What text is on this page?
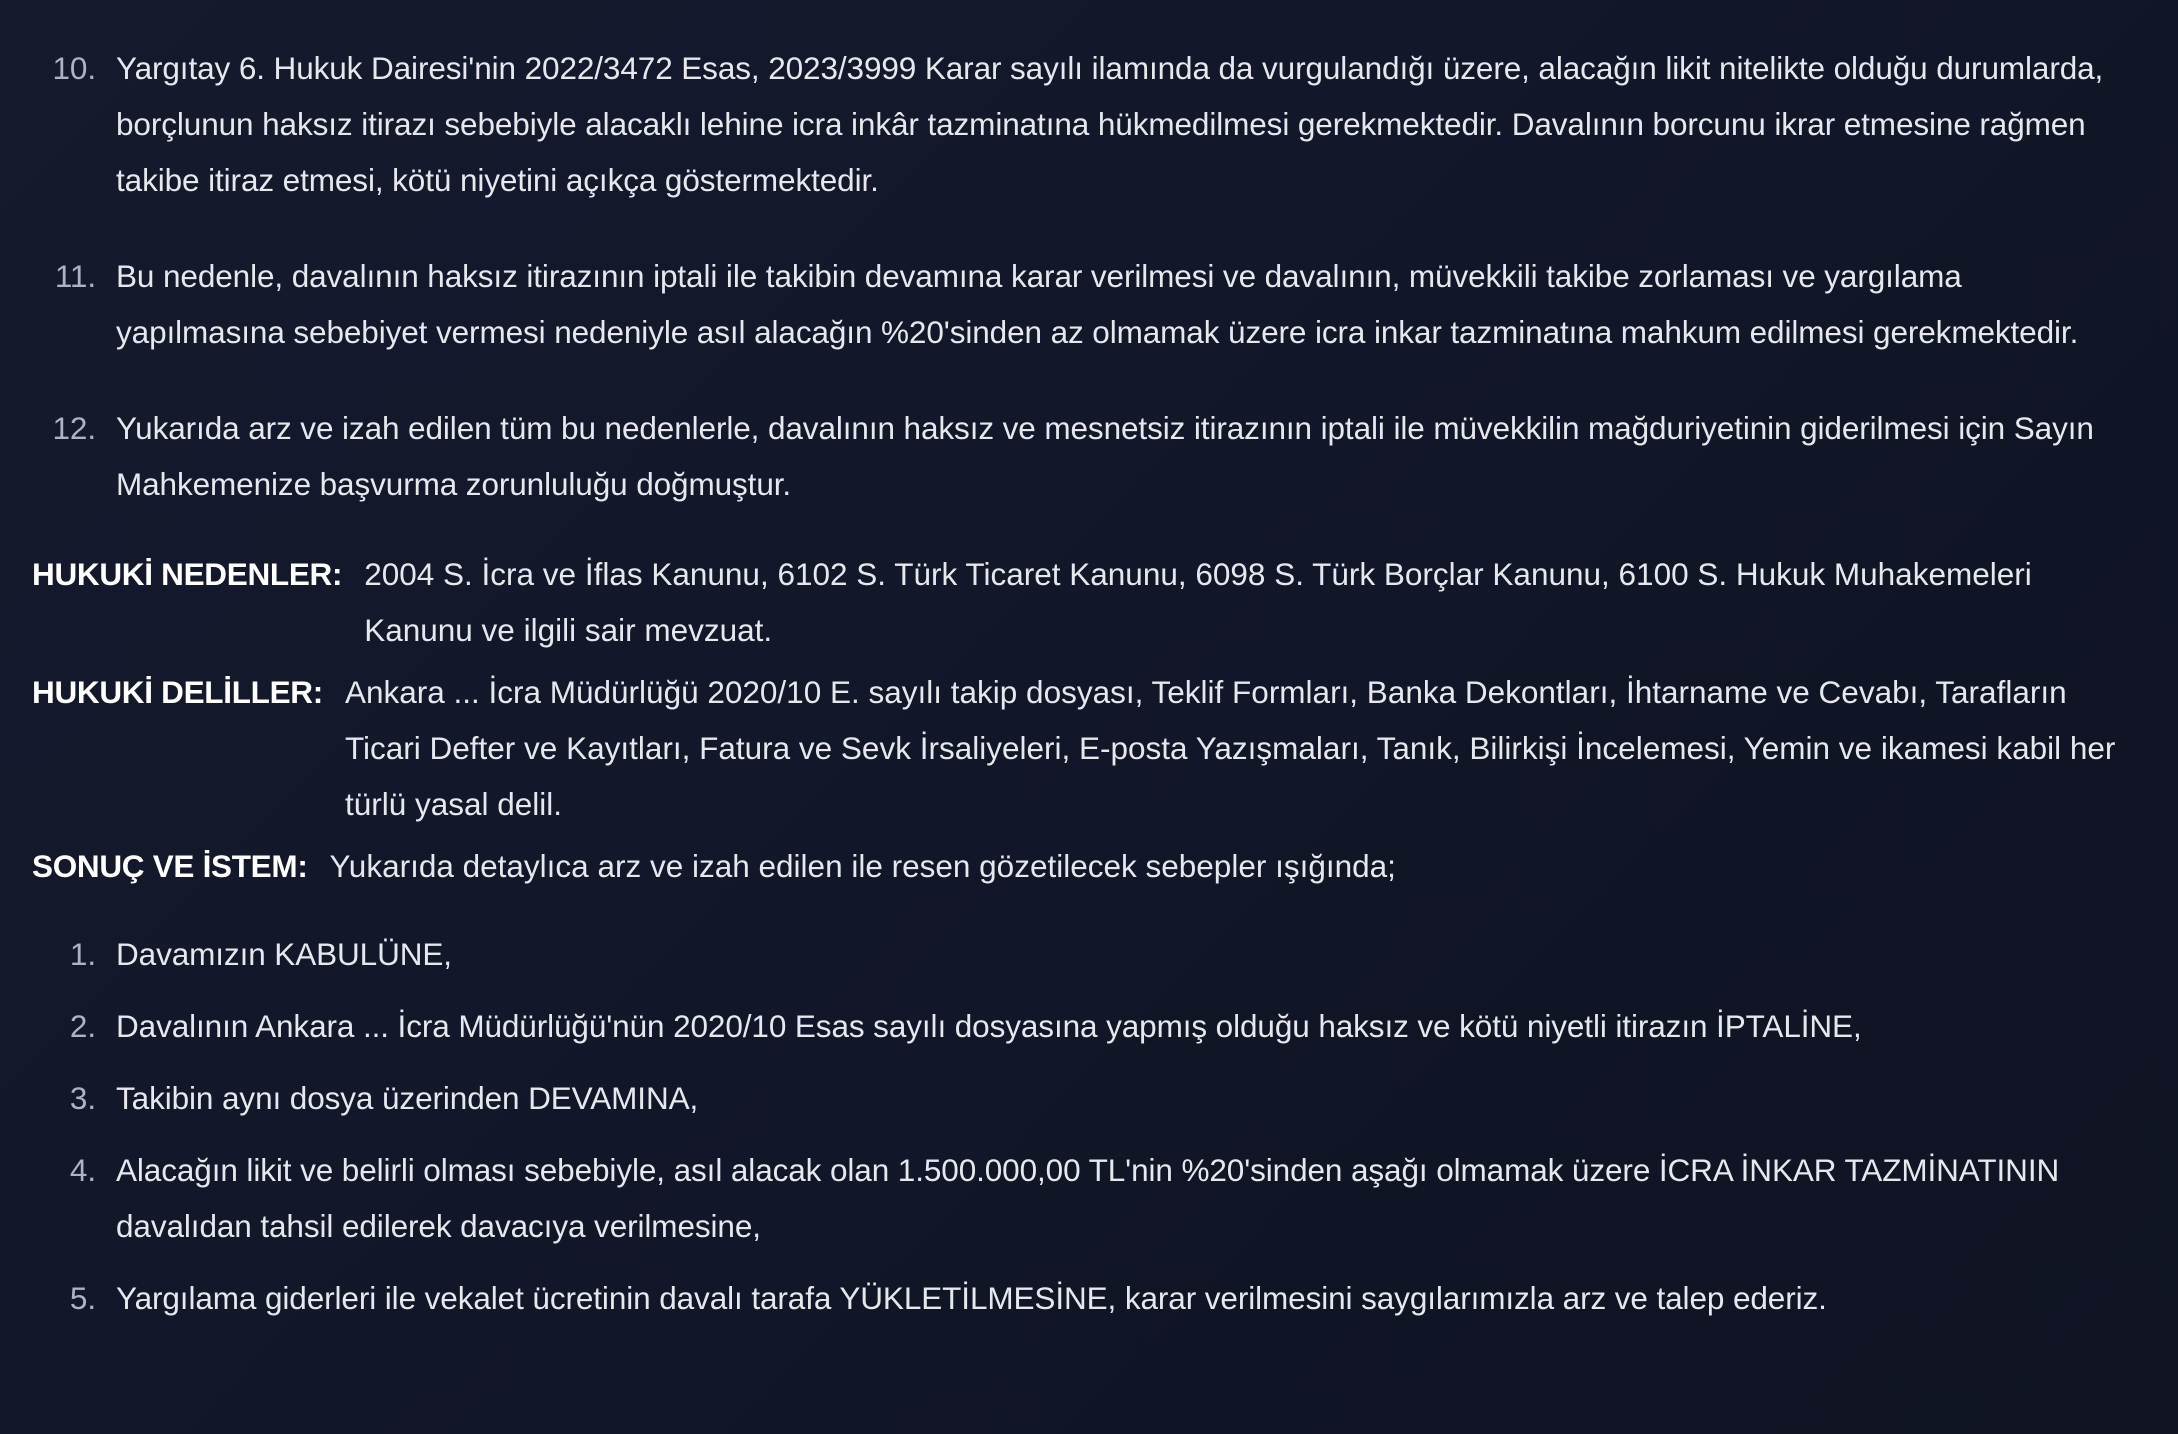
10. Yargıtay 6. Hukuk Dairesi'nin 2022/3472 Esas, 2023/3999 Karar sayılı ilamında da vurgulandığı üzere, alacağın likit nitelikte olduğu durumlarda, borçlunun haksız itirazı sebebiyle alacaklı lehine icra inkâr tazminatına hükmedilmesi gerekmektedir. Davalının borcunu ikrar etmesine rağmen takibe itiraz etmesi, kötü niyetini açıkça göstermektedir.
11. Bu nedenle, davalının haksız itirazının iptali ile takibin devamına karar verilmesi ve davalının, müvekkili takibe zorlaması ve yargılama yapılmasına sebebiyet vermesi nedeniyle asıl alacağın %20'sinden az olmamak üzere icra inkar tazminatına mahkum edilmesi gerekmektedir.
12. Yukarıda arz ve izah edilen tüm bu nedenlerle, davalının haksız ve mesnetsiz itirazının iptali ile müvekkilin mağduriyetinin giderilmesi için Sayın Mahkemenize başvurma zorunluluğu doğmuştur.
HUKUKİ NEDENLER: 2004 S. İcra ve İflas Kanunu, 6102 S. Türk Ticaret Kanunu, 6098 S. Türk Borçlar Kanunu, 6100 S. Hukuk Muhakemeleri Kanunu ve ilgili sair mevzuat.
HUKUKİ DELİLLER: Ankara ... İcra Müdürlüğü 2020/10 E. sayılı takip dosyası, Teklif Formları, Banka Dekontları, İhtarname ve Cevabı, Tarafların Ticari Defter ve Kayıtları, Fatura ve Sevk İrsaliyeleri, E-posta Yazışmaları, Tanık, Bilirkişi İncelemesi, Yemin ve ikamesi kabil her türlü yasal delil.
SONUÇ VE İSTEM: Yukarıda detaylıca arz ve izah edilen ile resen gözetilecek sebepler ışığında;
1. Davamızın KABULÜNE,
2. Davalının Ankara ... İcra Müdürlüğü'nün 2020/10 Esas sayılı dosyasına yapmış olduğu haksız ve kötü niyetli itirazın İPTALİNE,
3. Takibin aynı dosya üzerinden DEVAMINA,
4. Alacağın likit ve belirli olması sebebiyle, asıl alacak olan 1.500.000,00 TL'nin %20'sinden aşağı olmamak üzere İCRA İNKAR TAZMİNATININ davalıdan tahsil edilerek davacıya verilmesine,
5. Yargılama giderleri ile vekalet ücretinin davalı tarafa YÜKLETİLMESİNE, karar verilmesini saygılarımızla arz ve talep ederiz.
